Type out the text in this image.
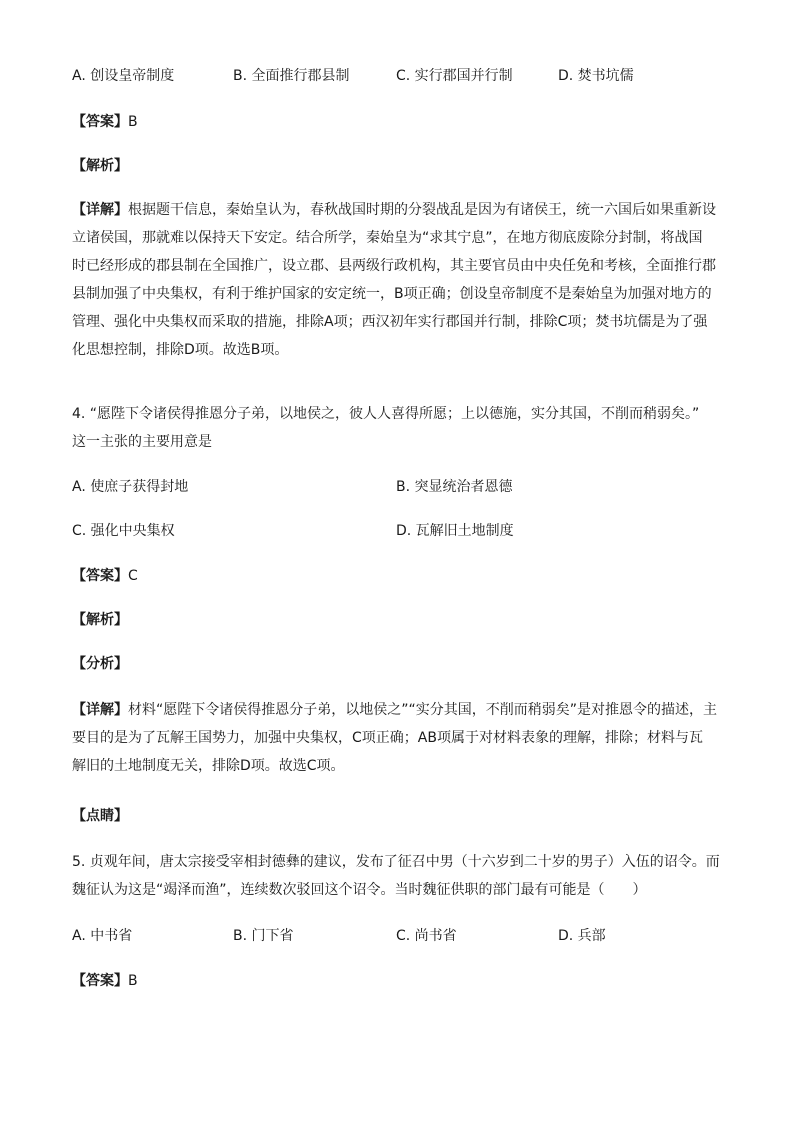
A. 创设皇帝制度	B. 全面推行郡县制	C. 实行郡国并行制	D. 焚书坑儒
【答案】B
【解析】
【详解】根据题干信息，秦始皇认为，春秋战国时期的分裂战乱是因为有诸侯王，统一六国后如果重新设
立诸侯国，那就难以保持天下安定。结合所学，秦始皇为“求其宁息”，在地方彻底废除分封制，将战国
时已经形成的郡县制在全国推广，设立郡、县两级行政机构，其主要官员由中央任免和考核，全面推行郡
县制加强了中央集权，有利于维护国家的安定统一，B项正确；创设皇帝制度不是秦始皇为加强对地方的
管理、强化中央集权而采取的措施，排除A项；西汉初年实行郡国并行制，排除C项；焚书坑儒是为了强
化思想控制，排除D项。故选B项。
4. “愿陛下令诸侯得推恩分子弟，以地侯之，彼人人喜得所愿；上以德施，实分其国，不削而稍弱矣。”
这一主张的主要用意是
A. 使庶子获得封地	B. 突显统治者恩德
C. 强化中央集权	D. 瓦解旧土地制度
【答案】C
【解析】
【分析】
【详解】材料“愿陛下令诸侯得推恩分子弟，以地侯之”“实分其国，不削而稍弱矣”是对推恩令的描述，主
要目的是为了瓦解王国势力，加强中央集权，C项正确；AB项属于对材料表象的理解，排除；材料与瓦
解旧的土地制度无关，排除D项。故选C项。
【点睛】
5. 贞观年间，唐太宗接受宰相封德彝的建议，发布了征召中男（十六岁到二十岁的男子）入伍的诏令。而
魏征认为这是“竭泽而渔”，连续数次驳回这个诏令。当时魏征供职的部门最有可能是（　　）
A. 中书省	B. 门下省	C. 尚书省	D. 兵部
【答案】B
